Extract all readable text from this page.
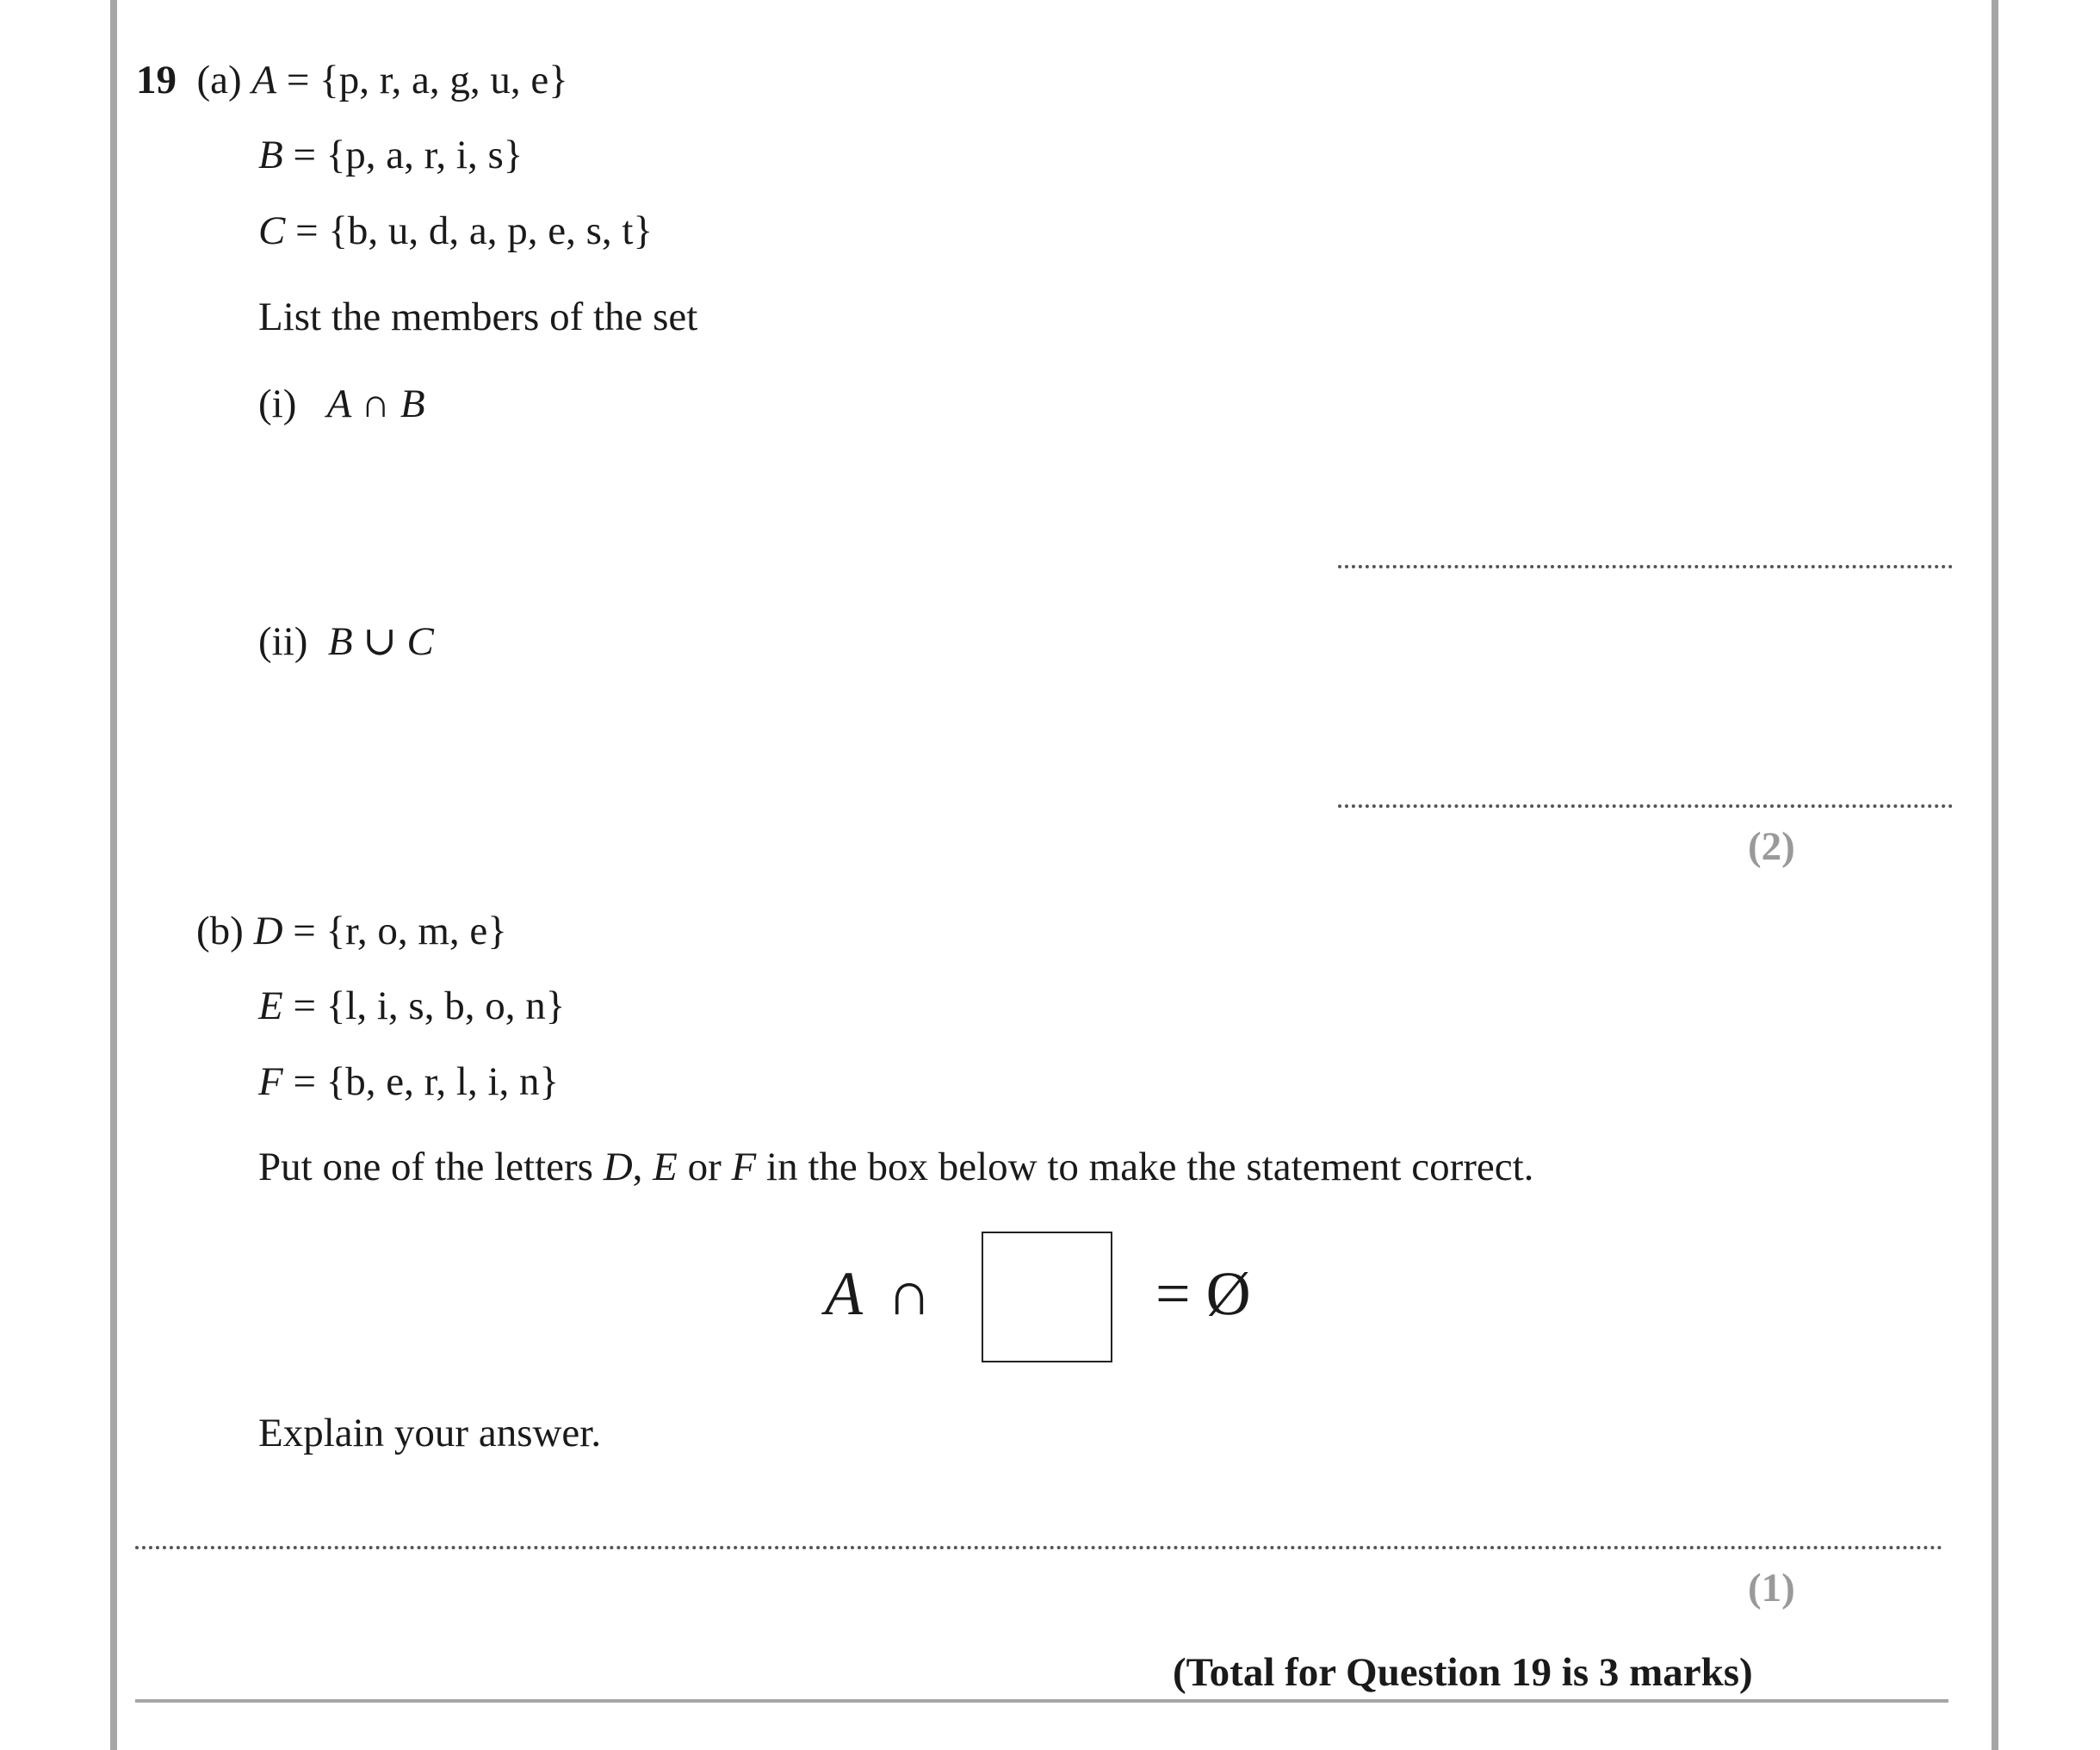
19 (a) A = {p, r, a, g, u, e}
B = {p, a, r, i, s}
C = {b, u, d, a, p, e, s, t}
List the members of the set
(i) A ∩ B
(ii) B ∪ C
(2)
(b) D = {r, o, m, e}
E = {l, i, s, b, o, n}
F = {b, e, r, l, i, n}
Put one of the letters D, E or F in the box below to make the statement correct.
A ∩	= Ø
Explain your answer.
(1)
(Total for Question 19 is 3 marks)
